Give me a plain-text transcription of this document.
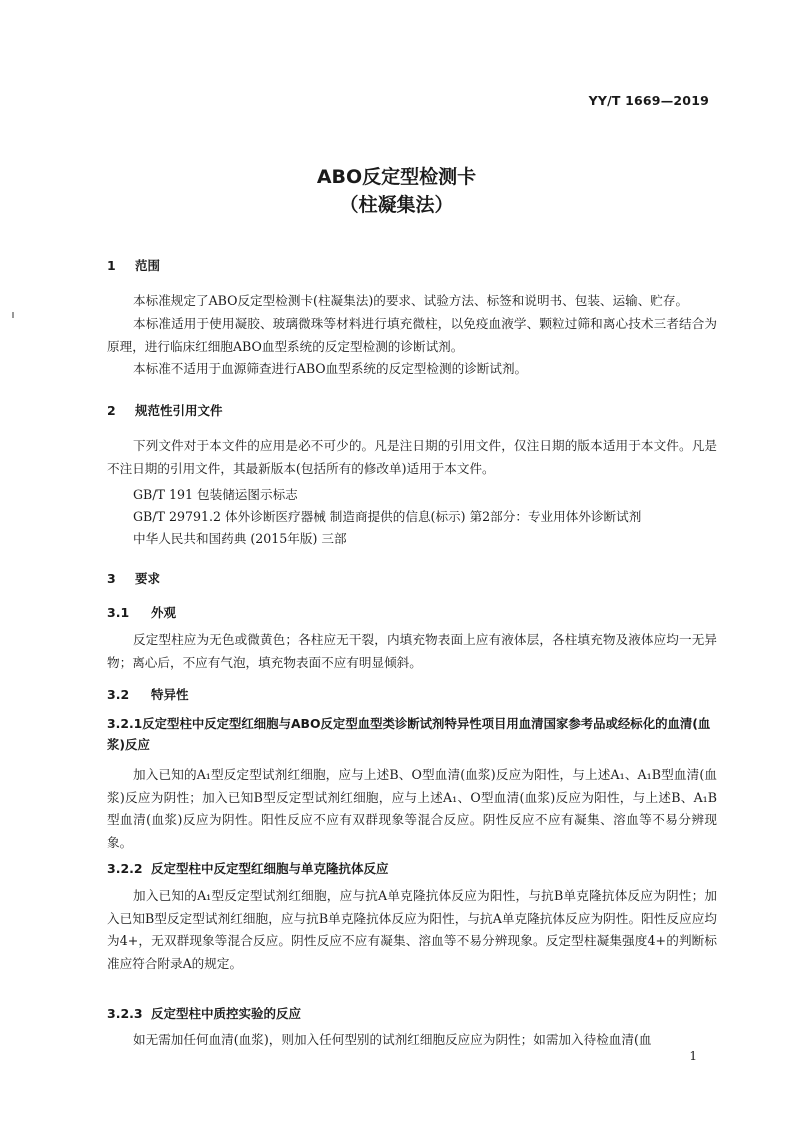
YY/T 1669—2019
ABO反定型检测卡
（柱凝集法）
1 范围
本标准规定了ABO反定型检测卡(柱凝集法)的要求、试验方法、标签和说明书、包装、运输、贮存。
本标准适用于使用凝胶、玻璃微珠等材料进行填充微柱，以免疫血液学、颗粒过筛和离心技术三者结合为原理，进行临床红细胞ABO血型系统的反定型检测的诊断试剂。
本标准不适用于血源筛查进行ABO血型系统的反定型检测的诊断试剂。
2 规范性引用文件
下列文件对于本文件的应用是必不可少的。凡是注日期的引用文件，仅注日期的版本适用于本文件。凡是不注日期的引用文件，其最新版本(包括所有的修改单)适用于本文件。
GB/T 191 包装储运图示标志
GB/T 29791.2 体外诊断医疗器械 制造商提供的信息(标示) 第2部分：专业用体外诊断试剂
中华人民共和国药典 (2015年版) 三部
3 要求
3.1 外观
反定型柱应为无色或微黄色；各柱应无干裂，内填充物表面上应有液体层，各柱填充物及液体应均一无异物；离心后，不应有气泡，填充物表面不应有明显倾斜。
3.2 特异性
3.2.1反定型柱中反定型红细胞与ABO反定型血型类诊断试剂特异性项目用血清国家参考品或经标化的血清(血浆)反应
加入已知的A₁型反定型试剂红细胞，应与上述B、O型血清(血浆)反应为阳性，与上述A₁、A₁B型血清(血浆)反应为阴性；加入已知B型反定型试剂红细胞，应与上述A₁、O型血清(血浆)反应为阳性，与上述B、A₁B型血清(血浆)反应为阴性。阳性反应不应有双群现象等混合反应。阴性反应不应有凝集、溶血等不易分辨现象。
3.2.2 反定型柱中反定型红细胞与单克隆抗体反应
加入已知的A₁型反定型试剂红细胞，应与抗A单克隆抗体反应为阳性，与抗B单克隆抗体反应为阴性；加入已知B型反定型试剂红细胞，应与抗B单克隆抗体反应为阳性，与抗A单克隆抗体反应为阴性。阳性反应应均为4+，无双群现象等混合反应。阴性反应不应有凝集、溶血等不易分辨现象。反定型柱凝集强度4+的判断标准应符合附录A的规定。
3.2.3 反定型柱中质控实验的反应
如无需加任何血清(血浆)，则加入任何型别的试剂红细胞反应应为阴性；如需加入待检血清(血
1
